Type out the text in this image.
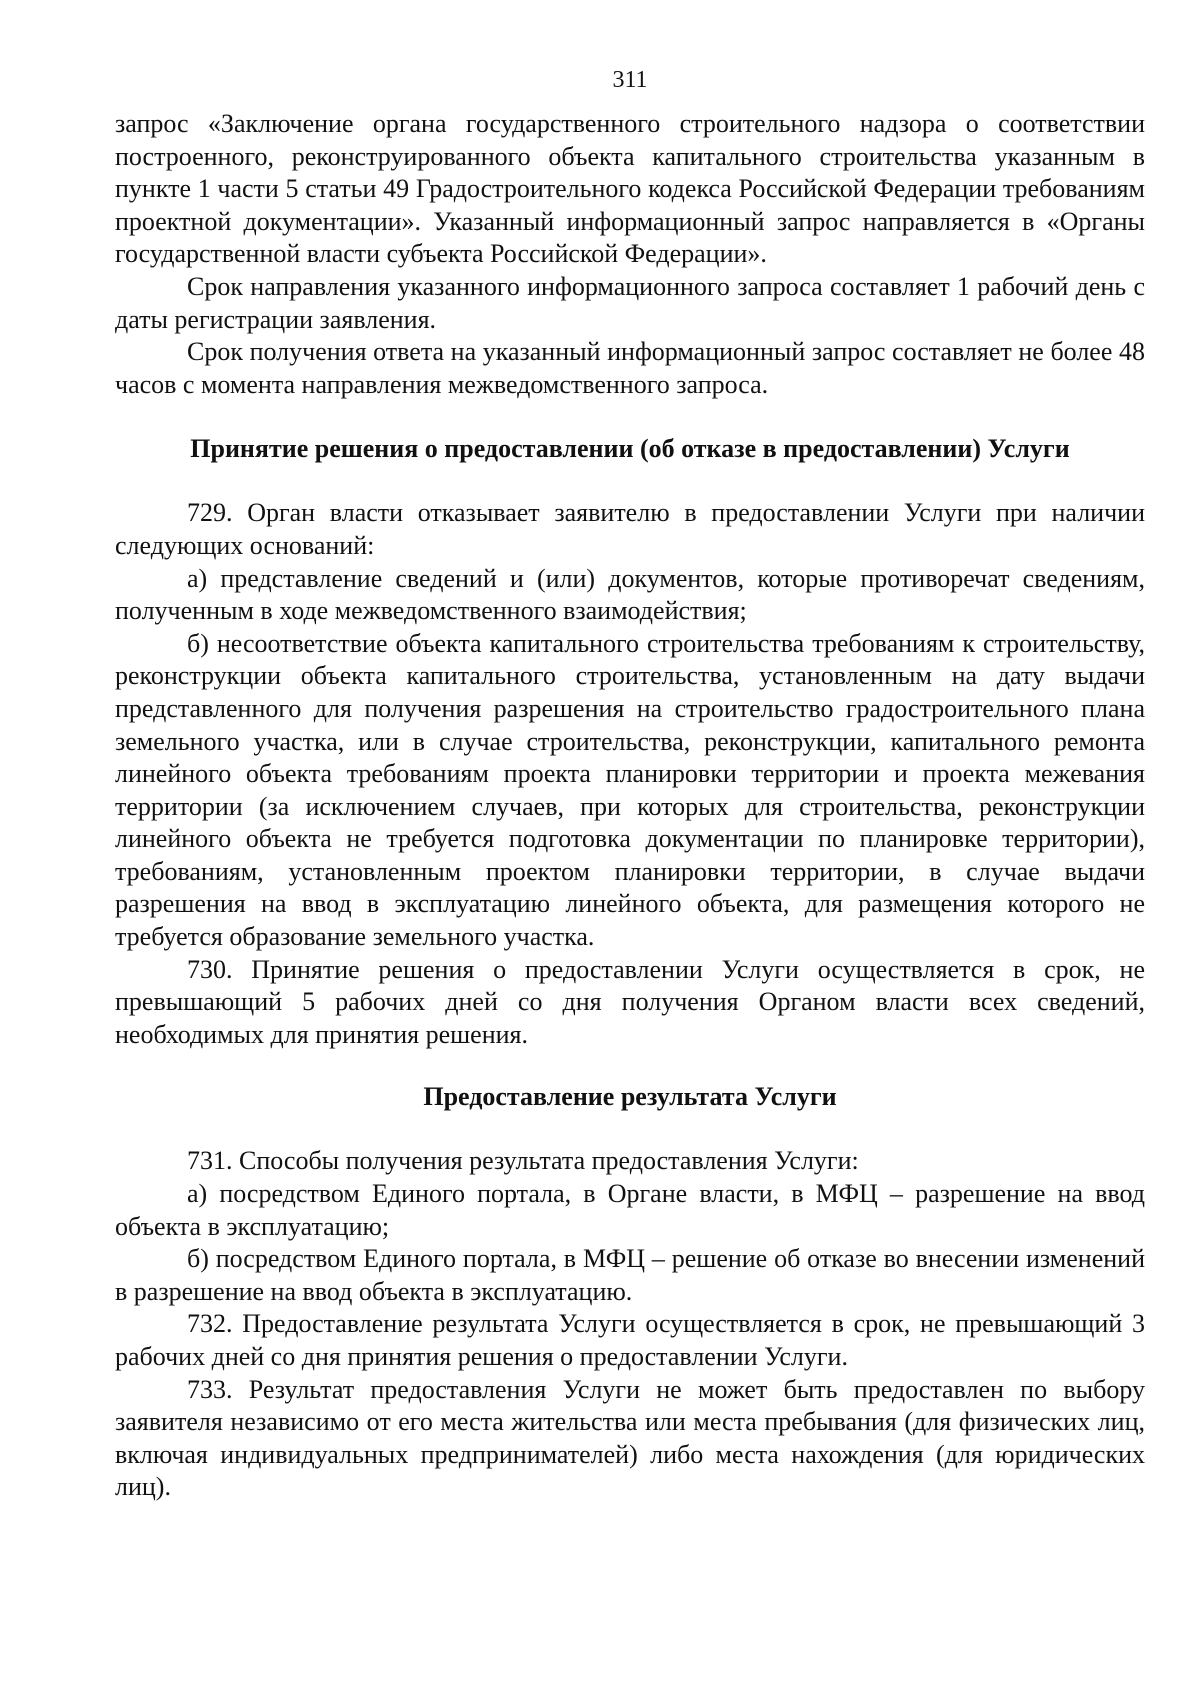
311

запрос «Заключение органа государственного строительного надзора о соответствии построенного, реконструированного объекта капитального строительства указанным в пункте 1 части 5 статьи 49 Градостроительного кодекса Российской Федерации требованиям проектной документации». Указанный информационный запрос направляется в «Органы государственной власти субъекта Российской Федерации».

Срок направления указанного информационного запроса составляет 1 рабочий день с даты регистрации заявления.

Срок получения ответа на указанный информационный запрос составляет не более 48 часов с момента направления межведомственного запроса.

Принятие решения о предоставлении (об отказе в предоставлении) Услуги

729. Орган власти отказывает заявителю в предоставлении Услуги при наличии следующих оснований:

а) представление сведений и (или) документов, которые противоречат сведениям, полученным в ходе межведомственного взаимодействия;

б) несоответствие объекта капитального строительства требованиям к строительству, реконструкции объекта капитального строительства, установленным на дату выдачи представленного для получения разрешения на строительство градостроительного плана земельного участка, или в случае строительства, реконструкции, капитального ремонта линейного объекта требованиям проекта планировки территории и проекта межевания территории (за исключением случаев, при которых для строительства, реконструкции линейного объекта не требуется подготовка документации по планировке территории), требованиям, установленным проектом планировки территории, в случае выдачи разрешения на ввод в эксплуатацию линейного объекта, для размещения которого не требуется образование земельного участка.

730. Принятие решения о предоставлении Услуги осуществляется в срок, не превышающий 5 рабочих дней со дня получения Органом власти всех сведений, необходимых для принятия решения.

Предоставление результата Услуги

731. Способы получения результата предоставления Услуги:

а) посредством Единого портала, в Органе власти, в МФЦ – разрешение на ввод объекта в эксплуатацию;

б) посредством Единого портала, в МФЦ – решение об отказе во внесении изменений в разрешение на ввод объекта в эксплуатацию.

732. Предоставление результата Услуги осуществляется в срок, не превышающий 3 рабочих дней со дня принятия решения о предоставлении Услуги.

733. Результат предоставления Услуги не может быть предоставлен по выбору заявителя независимо от его места жительства или места пребывания (для физических лиц, включая индивидуальных предпринимателей) либо места нахождения (для юридических лиц).
